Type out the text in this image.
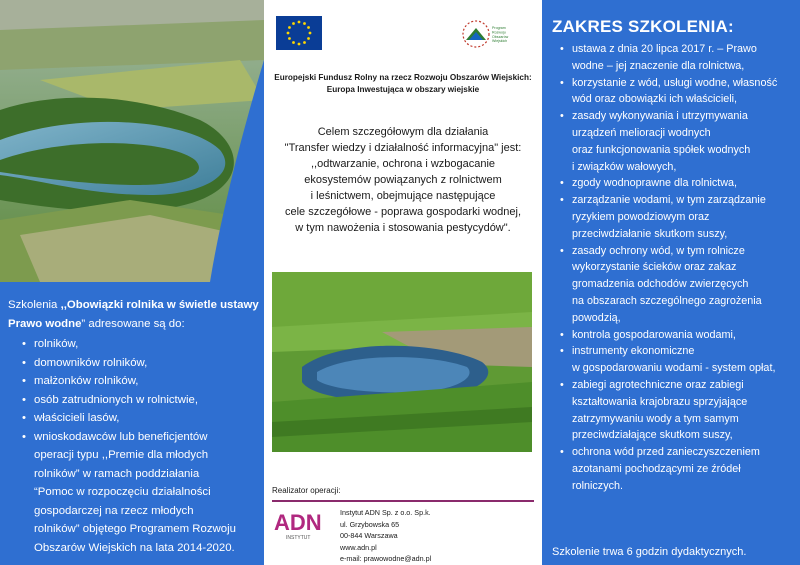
Szkolenia ,,Obowiązki rolnika w świetle ustawy Prawo wodne” adresowane są do:

• rolników,
• domowników rolników,
• małżonków rolników,
• osób zatrudnionych w rolnictwie,
• właścicieli lasów,
• wnioskodawców lub beneficjentów
operacji typu ,,Premie dla młodych
rolników” w ramach poddziałania
“Pomoc w rozpoczęciu działalności
gospodarczej na rzecz młodych
rolników” objętego Programem Rozwoju
Obszarów Wiejskich na lata 2014-2020.
Program Rozwoju Obszarów Wiejskich
Europejski Fundusz Rolny na rzecz Rozwoju Obszarów Wiejskich:
Europa Inwestująca w obszary wiejskie
Celem szczegółowym dla działania
"Transfer wiedzy i działalność informacyjna" jest:
,,odtwarzanie, ochrona i wzbogacanie
ekosystemów powiązanych z rolnictwem
i leśnictwem, obejmujące następujące
cele szczegółowe - poprawa gospodarki wodnej,
w tym nawożenia i stosowania pestycydów".
Realizator operacji:
ADN
INSTYTUT
Instytut ADN Sp. z o.o. Sp.k.
ul. Grzybowska 65
00-844 Warszawa
www.adn.pl
e-mail: prawowodne@adn.pl
ZAKRES SZKOLENIA:
• ustawa z dnia 20 lipca 2017 r. – Prawo
wodne – jej znaczenie dla rolnictwa,
• korzystanie z wód, usługi wodne, własność
wód oraz obowiązki ich właścicieli,
• zasady wykonywania i utrzymywania
urządzeń melioracji wodnych
oraz funkcjonowania spółek wodnych
i związków wałowych,
• zgody wodnoprawne dla rolnictwa,
• zarządzanie wodami, w tym zarządzanie
ryzykiem powodziowym oraz
przeciwdziałanie skutkom suszy,
• zasady ochrony wód, w tym rolnicze
wykorzystanie ścieków oraz zakaz
gromadzenia odchodów zwierzęcych
na obszarach szczególnego zagrożenia
powodzią,
• kontrola gospodarowania wodami,
• instrumenty ekonomiczne
w gospodarowaniu wodami - system opłat,
• zabiegi agrotechniczne oraz zabiegi
kształtowania krajobrazu sprzyjające
zatrzymywaniu wody a tym samym
przeciwdziałające skutkom suszy,
• ochrona wód przed zanieczyszczeniem
azotanami pochodzącymi ze źródeł
rolniczych.
Szkolenie trwa 6 godzin dydaktycznych.
